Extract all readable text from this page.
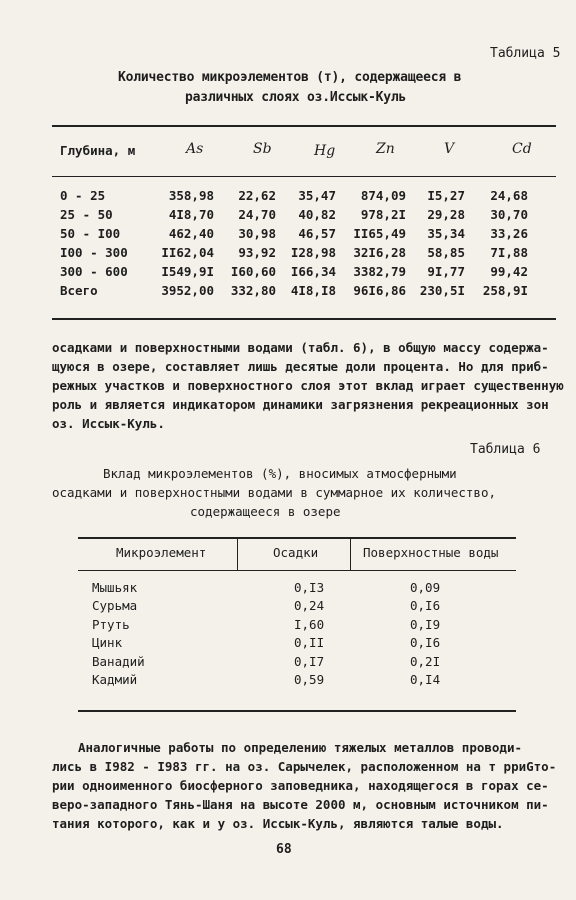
Таблица 5
Количество микроэлементов (т), содержащееся в
различных слоях оз.Иссык-Куль
Глубина, м	As	Sb	Hg	Zn	V	Cd
0 - 25	358,98 22,62 35,47 874,09 I5,27 24,68
25 - 50	4I8,70 24,70 40,82 978,2I 29,28 30,70
50 - I00	462,40 30,98 46,57 II65,49 35,34 33,26
I00 - 300	II62,04 93,92 I28,98 32I6,28 58,85 7I,88
300 - 600	I549,9I I60,60 I66,34 3382,79 9I,77 99,42
Всего	3952,00 332,80 4I8,I8 96I6,86 230,5I 258,9I
осадками и поверхностными водами (табл. 6), в общую массу содержа-
щуюся в озере, составляет лишь десятые доли процента. Но для приб-
режных участков и поверхностного слоя этот вклад играет существенную
роль и является индикатором динамики загрязнения рекреационных зон
оз. Иссык-Куль.
Таблица 6
Вклад микроэлементов (%), вносимых атмосферными
осадками и поверхностными водами в суммарное их количество,
содержащееся в озере
Микроэлемент	Осадки	Поверхностные воды
Мышьяк	0,I3	0,09
Сурьма	0,24	0,I6
Ртуть	I,60	0,I9
Цинк	0,II	0,I6
Ванадий	0,I7	0,2I
Кадмий	0,59	0,I4
Аналогичные работы по определению тяжелых металлов проводи-
лись в I982 - I983 гг. на оз. Сарычелек, расположенном на т рриGто-
рии одноименного биосферного заповедника, находящегося в горах се-
веро-западного Тянь-Шаня на высоте 2000 м, основным источником пи-
тания которого, как и у оз. Иссык-Куль, являются талые воды.
68
